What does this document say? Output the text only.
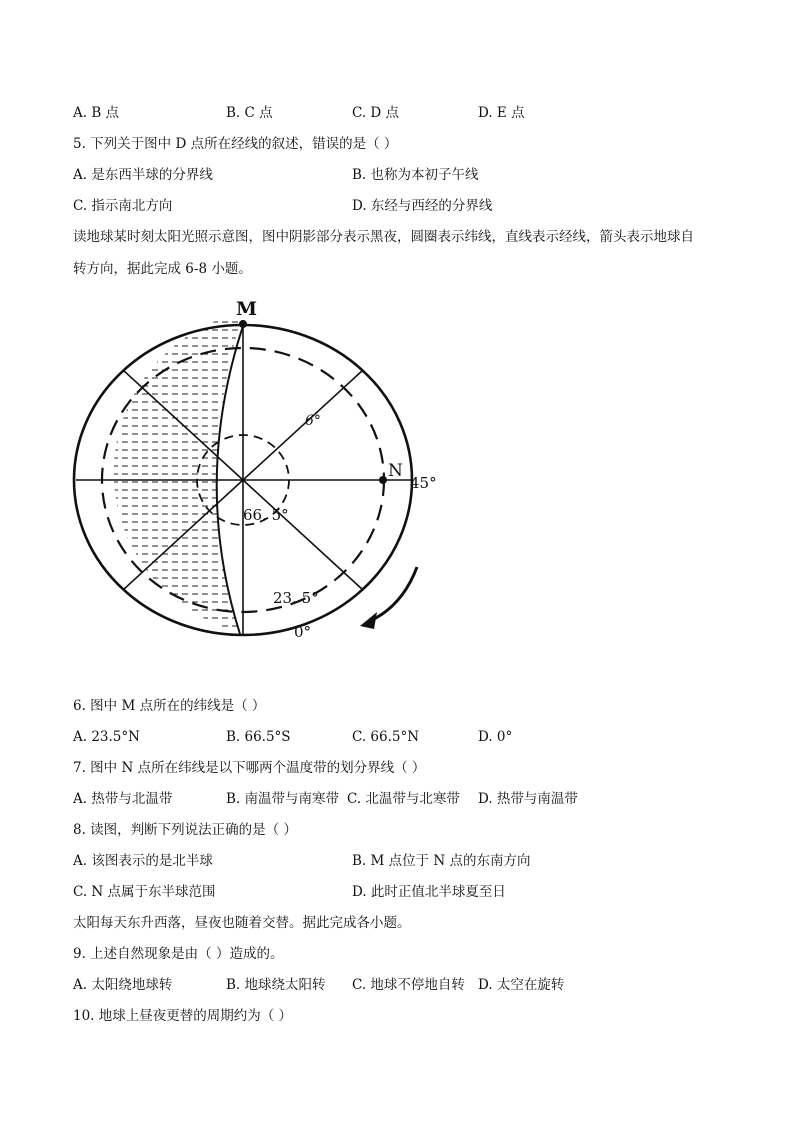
A. B 点	B. C 点	C. D 点	D. E 点
5. 下列关于图中 D 点所在经线的叙述，错误的是（ ）
A. 是东西半球的分界线	B. 也称为本初子午线
C. 指示南北方向	D. 东经与西经的分界线
读地球某时刻太阳光照示意图，图中阴影部分表示黑夜，圆圈表示纬线，直线表示经线，箭头表示地球自
转方向，据此完成 6-8 小题。
M
N
45°
6°
66. 5°
23. 5°
0°
6. 图中 M 点所在的纬线是（ ）
A. 23.5°N	B. 66.5°S	C. 66.5°N	D. 0°
7. 图中 N 点所在纬线是以下哪两个温度带的划分界线（ ）
A. 热带与北温带	B. 南温带与南寒带 C. 北温带与北寒带 D. 热带与南温带
8. 读图，判断下列说法正确的是（ ）
A. 该图表示的是北半球	B. M 点位于 N 点的东南方向
C. N 点属于东半球范围	D. 此时正值北半球夏至日
太阳每天东升西落，昼夜也随着交替。据此完成各小题。
9. 上述自然现象是由（ ）造成的。
A. 太阳绕地球转	B. 地球绕太阳转 C. 地球不停地自转 D. 太空在旋转
10. 地球上昼夜更替的周期约为（ ）
